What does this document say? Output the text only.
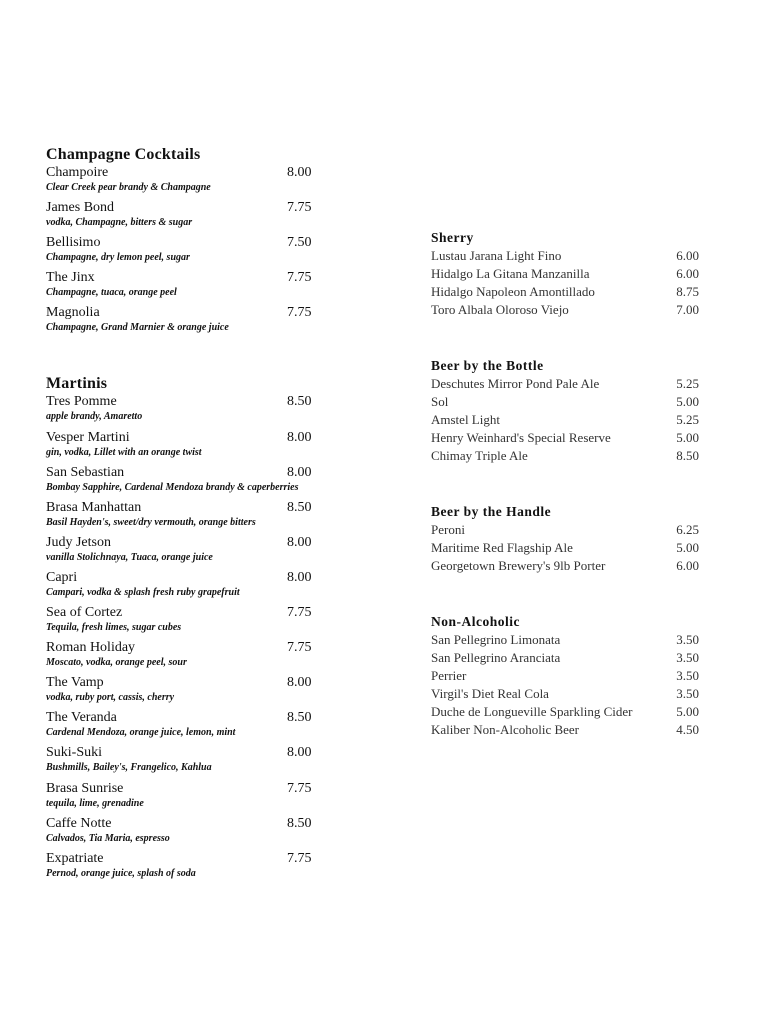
Champagne Cocktails
Champoire	8.00
Clear Creek pear brandy & Champagne
James Bond	7.75
vodka, Champagne, bitters & sugar
Bellisimo	7.50
Champagne, dry lemon peel, sugar
The Jinx	7.75
Champagne, tuaca, orange peel
Magnolia	7.75
Champagne, Grand Marnier & orange juice
Martinis
Tres Pomme	8.50
apple brandy, Amaretto
Vesper Martini	8.00
gin, vodka, Lillet with an orange twist
San Sebastian	8.00
Bombay Sapphire, Cardenal Mendoza brandy & caperberries
Brasa Manhattan	8.50
Basil Hayden's, sweet/dry vermouth, orange bitters
Judy Jetson	8.00
vanilla Stolichnaya, Tuaca, orange juice
Capri	8.00
Campari, vodka & splash fresh ruby grapefruit
Sea of Cortez	7.75
Tequila, fresh limes, sugar cubes
Roman Holiday	7.75
Moscato, vodka, orange peel, sour
The Vamp	8.00
vodka, ruby port, cassis, cherry
The Veranda	8.50
Cardenal Mendoza, orange juice, lemon, mint
Suki-Suki	8.00
Bushmills, Bailey's, Frangelico, Kahlua
Brasa Sunrise	7.75
tequila, lime, grenadine
Caffe Notte	8.50
Calvados, Tia Maria, espresso
Expatriate	7.75
Pernod, orange juice, splash of soda
Sherry
Lustau Jarana Light Fino	6.00
Hidalgo La Gitana Manzanilla	6.00
Hidalgo Napoleon Amontillado	8.75
Toro Albala Oloroso Viejo	7.00
Beer by the Bottle
Deschutes Mirror Pond Pale Ale	5.25
Sol	5.00
Amstel Light	5.25
Henry Weinhard's Special Reserve	5.00
Chimay Triple Ale	8.50
Beer by the Handle
Peroni	6.25
Maritime Red Flagship Ale	5.00
Georgetown Brewery's 9lb Porter	6.00
Non-Alcoholic
San Pellegrino Limonata	3.50
San Pellegrino Aranciata	3.50
Perrier	3.50
Virgil's Diet Real Cola	3.50
Duche de Longueville Sparkling Cider	5.00
Kaliber Non-Alcoholic Beer	4.50
